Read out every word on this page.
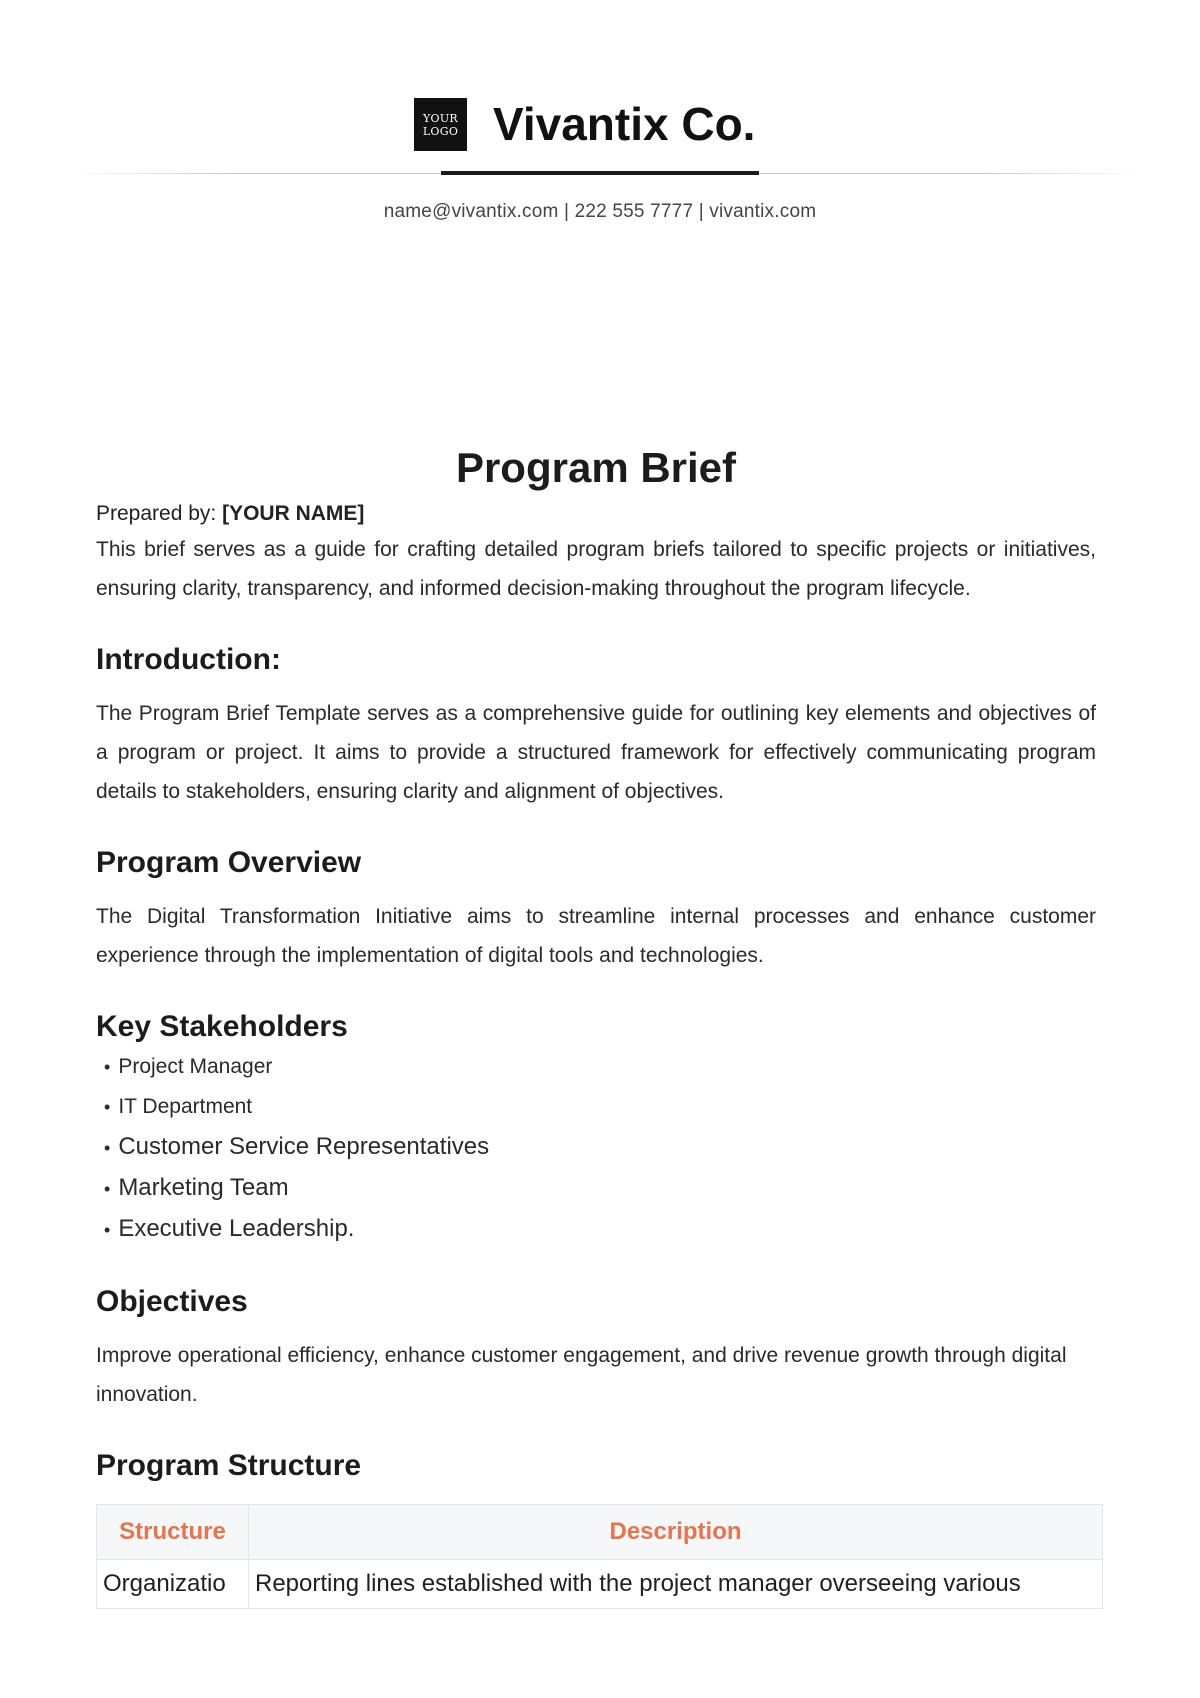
YOUR
LOGO Vivantix Co.
name@vivantix.com | 222 555 7777 | vivantix.com
Program Brief

Prepared by: [YOUR NAME]

This brief serves as a guide for crafting detailed program briefs tailored to specific projects or initiatives, ensuring clarity, transparency, and informed decision-making throughout the program lifecycle.

Introduction:

The Program Brief Template serves as a comprehensive guide for outlining key elements and objectives of a program or project. It aims to provide a structured framework for effectively communicating program details to stakeholders, ensuring clarity and alignment of objectives.

Program Overview

The Digital Transformation Initiative aims to streamline internal processes and enhance customer experience through the implementation of digital tools and technologies.

Key Stakeholders
• Project Manager
• IT Department
• Customer Service Representatives
• Marketing Team
• Executive Leadership.
Objectives

Improve operational efficiency, enhance customer engagement, and drive revenue growth through digital innovation.

Program Structure
Structure	Description
Organizatio	Reporting lines established with the project manager overseeing various
